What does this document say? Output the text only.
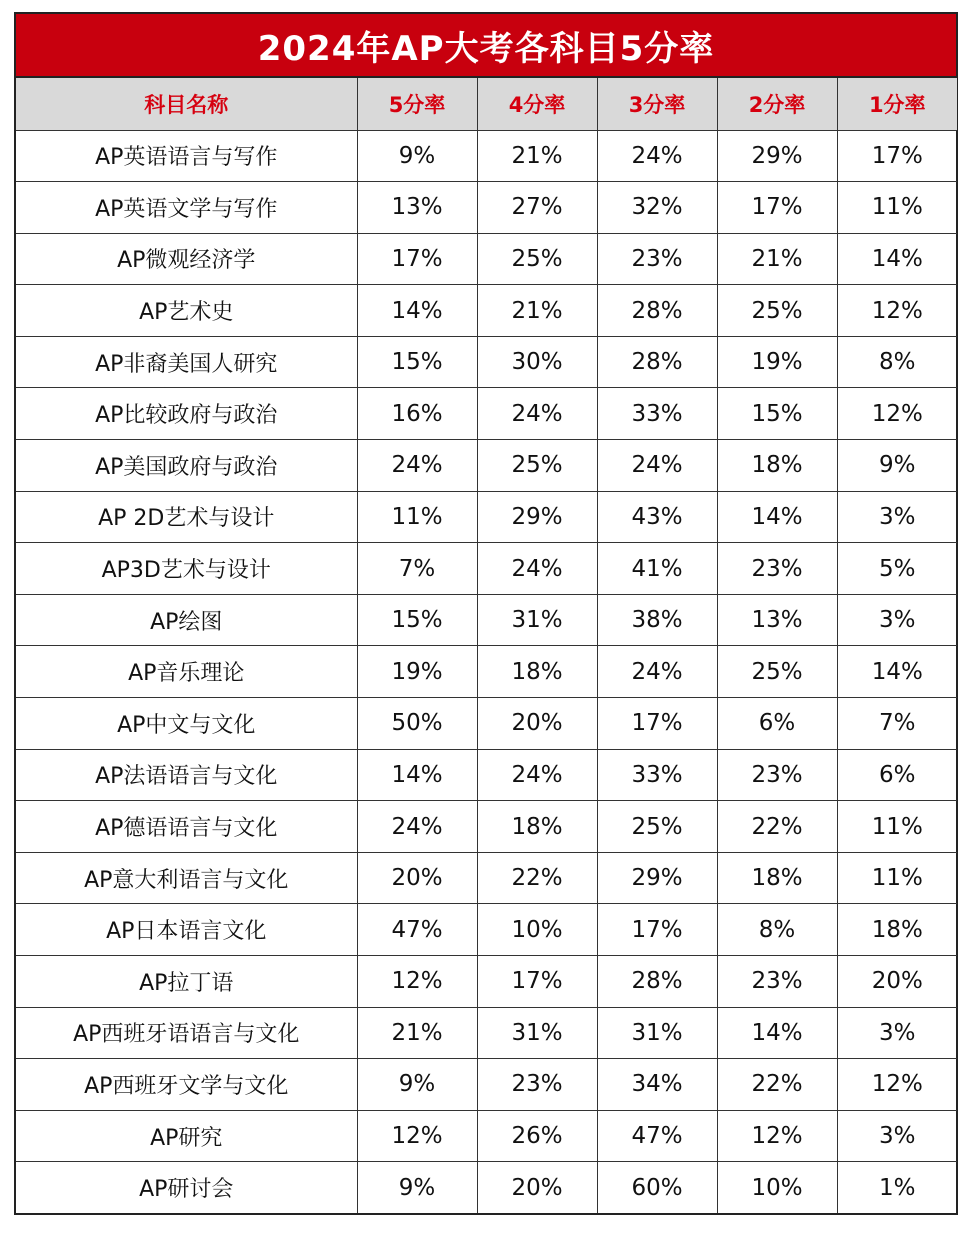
2024年AP大考各科目5分率
科目名称	5分率	4分率	3分率	2分率	1分率
AP英语语言与写作	9%	21%	24%	29%	17%
AP英语文学与写作	13%	27%	32%	17%	11%
AP微观经济学	17%	25%	23%	21%	14%
AP艺术史	14%	21%	28%	25%	12%
AP非裔美国人研究	15%	30%	28%	19%	8%
AP比较政府与政治	16%	24%	33%	15%	12%
AP美国政府与政治	24%	25%	24%	18%	9%
AP 2D艺术与设计	11%	29%	43%	14%	3%
AP3D艺术与设计	7%	24%	41%	23%	5%
AP绘图	15%	31%	38%	13%	3%
AP音乐理论	19%	18%	24%	25%	14%
AP中文与文化	50%	20%	17%	6%	7%
AP法语语言与文化	14%	24%	33%	23%	6%
AP德语语言与文化	24%	18%	25%	22%	11%
AP意大利语言与文化	20%	22%	29%	18%	11%
AP日本语言文化	47%	10%	17%	8%	18%
AP拉丁语	12%	17%	28%	23%	20%
AP西班牙语语言与文化	21%	31%	31%	14%	3%
AP西班牙文学与文化	9%	23%	34%	22%	12%
AP研究	12%	26%	47%	12%	3%
AP研讨会	9%	20%	60%	10%	1%
